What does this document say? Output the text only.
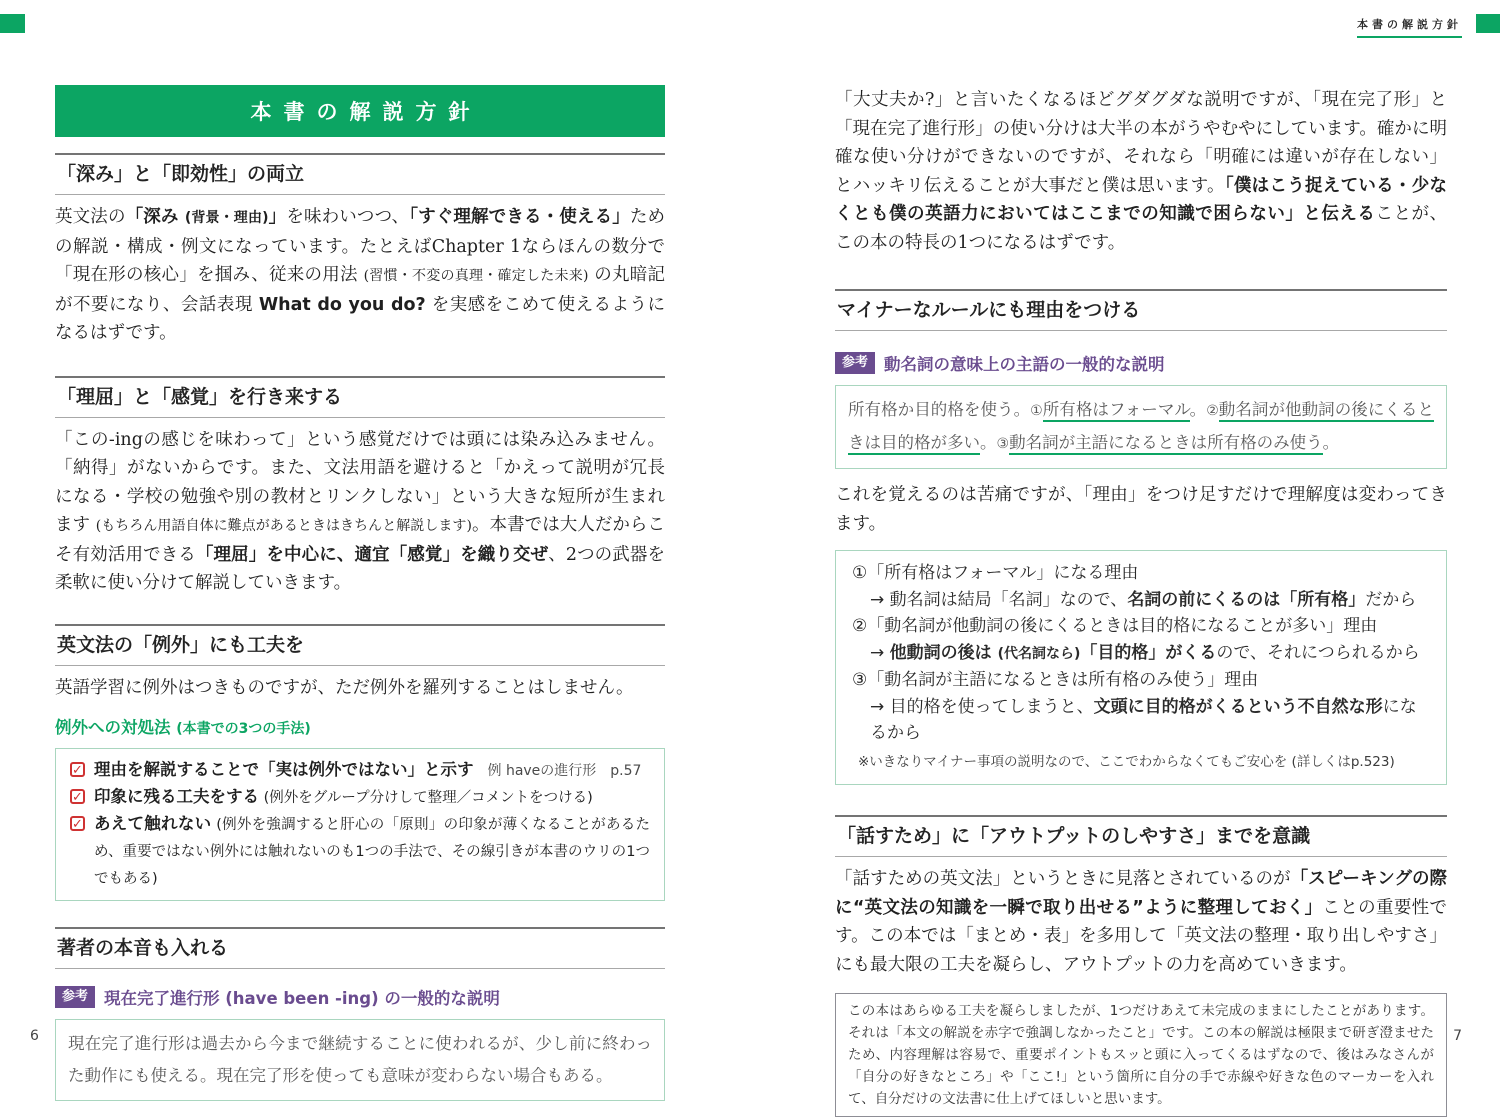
本書の解説方針
本書の解説方針
「深み」と「即効性」の両立

英文法の「深み (背景・理由)」を味わいつつ、「すぐ理解できる・使える」ための解説・構成・例文になっています。たとえばChapter 1ならほんの数分で「現在形の核心」を掴み、従来の用法 (習慣・不変の真理・確定した未来) の丸暗記が不要になり、会話表現 What do you do? を実感をこめて使えるようになるはずです。

「理屈」と「感覚」を行き来する

「この-ingの感じを味わって」という感覚だけでは頭には染み込みません。「納得」がないからです。また、文法用語を避けると「かえって説明が冗長になる・学校の勉強や別の教材とリンクしない」という大きな短所が生まれます (もちろん用語自体に難点があるときはきちんと解説します)。本書では大人だからこそ有効活用できる「理屈」を中心に、適宜「感覚」を織り交ぜ、2つの武器を柔軟に使い分けて解説していきます。

英文法の「例外」にも工夫を

英語学習に例外はつきものですが、ただ例外を羅列することはしません。

例外への対処法 (本書での3つの手法)
✓ 理由を解説することで「実は例外ではない」と示す 例 haveの進行形　p.57
✓ 印象に残る工夫をする (例外をグループ分けして整理／コメントをつける)
✓ あえて触れない (例外を強調すると肝心の「原則」の印象が薄くなることがあるため、重要ではない例外には触れないのも1つの手法で、その線引きが本書のウリの1つでもある)
著者の本音も入れる
参考 現在完了進行形 (have been -ing) の一般的な説明
現在完了進行形は過去から今まで継続することに使われるが、少し前に終わった動作にも使える。現在完了形を使っても意味が変わらない場合もある。

「大丈夫か?」と言いたくなるほどグダグダな説明ですが、「現在完了形」と「現在完了進行形」の使い分けは大半の本がうやむやにしています。確かに明確な使い分けができないのですが、それなら「明確には違いが存在しない」とハッキリ伝えることが大事だと僕は思います。「僕はこう捉えている・少なくとも僕の英語力においてはここまでの知識で困らない」と伝えることが、この本の特長の1つになるはずです。

マイナーなルールにも理由をつける
参考 動名詞の意味上の主語の一般的な説明
所有格か目的格を使う。①所有格はフォーマル。②動名詞が他動詞の後にくるときは目的格が多い。③動名詞が主語になるときは所有格のみ使う。

これを覚えるのは苦痛ですが、「理由」をつけ足すだけで理解度は変わってきます。

①「所有格はフォーマル」になる理由
→ 動名詞は結局「名詞」なので、名詞の前にくるのは「所有格」だから
②「動名詞が他動詞の後にくるときは目的格になることが多い」理由
→ 他動詞の後は (代名詞なら)「目的格」がくるので、それにつられるから
③「動名詞が主語になるときは所有格のみ使う」理由
→ 目的格を使ってしまうと、文頭に目的格がくるという不自然な形になるから
※いきなりマイナー事項の説明なので、ここでわからなくてもご安心を (詳しくはp.523)
「話すため」に「アウトプットのしやすさ」までを意識

「話すための英文法」というときに見落とされているのが「スピーキングの際に“英文法の知識を一瞬で取り出せる”ように整理しておく」ことの重要性です。この本では「まとめ・表」を多用して「英文法の整理・取り出しやすさ」にも最大限の工夫を凝らし、アウトプットの力を高めていきます。

この本はあらゆる工夫を凝らしましたが、1つだけあえて未完成のままにしたことがあります。それは「本文の解説を赤字で強調しなかったこと」です。この本の解説は極限まで研ぎ澄ませたため、内容理解は容易で、重要ポイントもスッと頭に入ってくるはずなので、後はみなさんが「自分の好きなところ」や「ここ!」という箇所に自分の手で赤線や好きな色のマーカーを入れて、自分だけの文法書に仕上げてほしいと思います。
6	7
